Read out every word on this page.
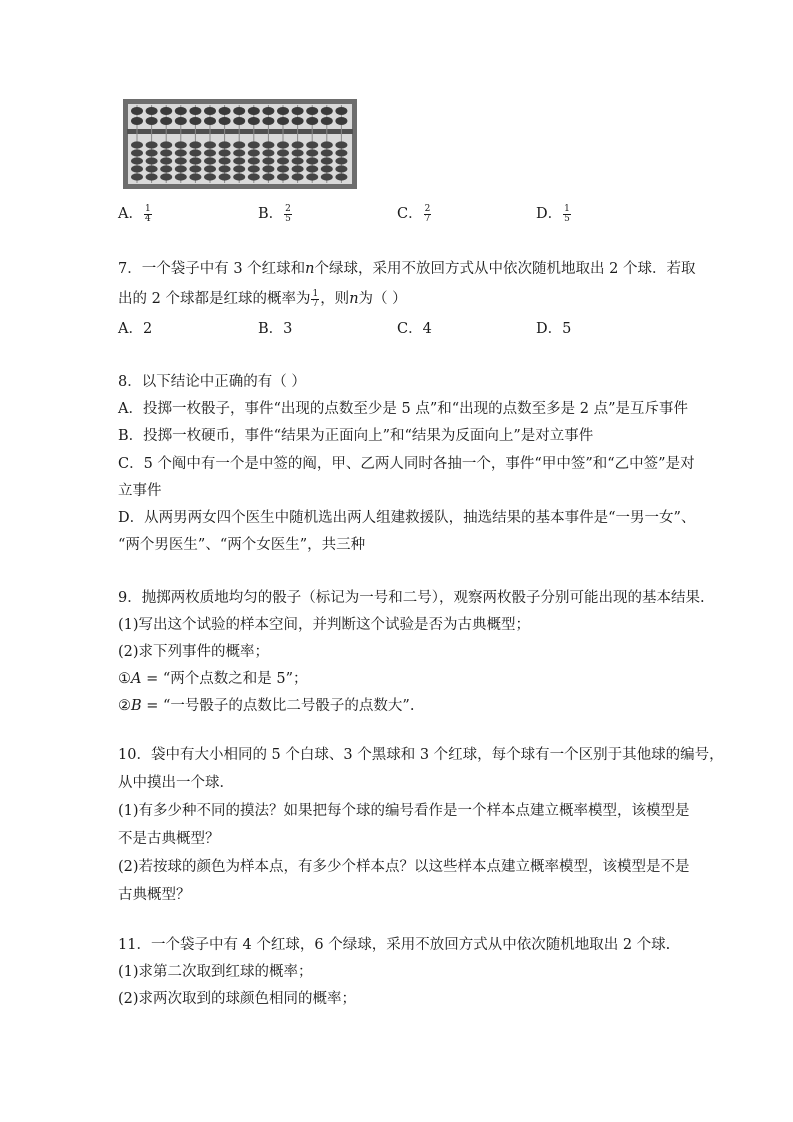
A． $\frac{1}{4}$	B． $\frac{2}{5}$	C． $\frac{2}{7}$	D． $\frac{1}{5}$
7．一个袋子中有 3 个红球和n个绿球，采用不放回方式从中依次随机地取出 2 个球．若取
出的 2 个球都是红球的概率为 $\frac{1}{7}$ ，则n为（ ）
A．2	B．3	C．4	D．5
8．以下结论中正确的有（ ）
A．投掷一枚骰子，事件“出现的点数至少是 5 点”和“出现的点数至多是 2 点”是互斥事件
B．投掷一枚硬币，事件“结果为正面向上”和“结果为反面向上”是对立事件
C．5 个阄中有一个是中签的阄，甲、乙两人同时各抽一个，事件“甲中签”和“乙中签”是对
立事件
D．从两男两女四个医生中随机选出两人组建救援队，抽选结果的基本事件是“一男一女”、
“两个男医生”、“两个女医生”，共三种
9．抛掷两枚质地均匀的骰子（标记为一号和二号），观察两枚骰子分别可能出现的基本结果.
(1)写出这个试验的样本空间，并判断这个试验是否为古典概型；
(2)求下列事件的概率；
①A = “两个点数之和是 5”；
②B = “一号骰子的点数比二号骰子的点数大”.
10．袋中有大小相同的 5 个白球、3 个黑球和 3 个红球，每个球有一个区别于其他球的编号，
从中摸出一个球．
(1)有多少种不同的摸法？如果把每个球的编号看作是一个样本点建立概率模型，该模型是
不是古典概型？
(2)若按球的颜色为样本点，有多少个样本点？以这些样本点建立概率模型，该模型是不是
古典概型？
11．一个袋子中有 4 个红球，6 个绿球，采用不放回方式从中依次随机地取出 2 个球.
(1)求第二次取到红球的概率；
(2)求两次取到的球颜色相同的概率；
